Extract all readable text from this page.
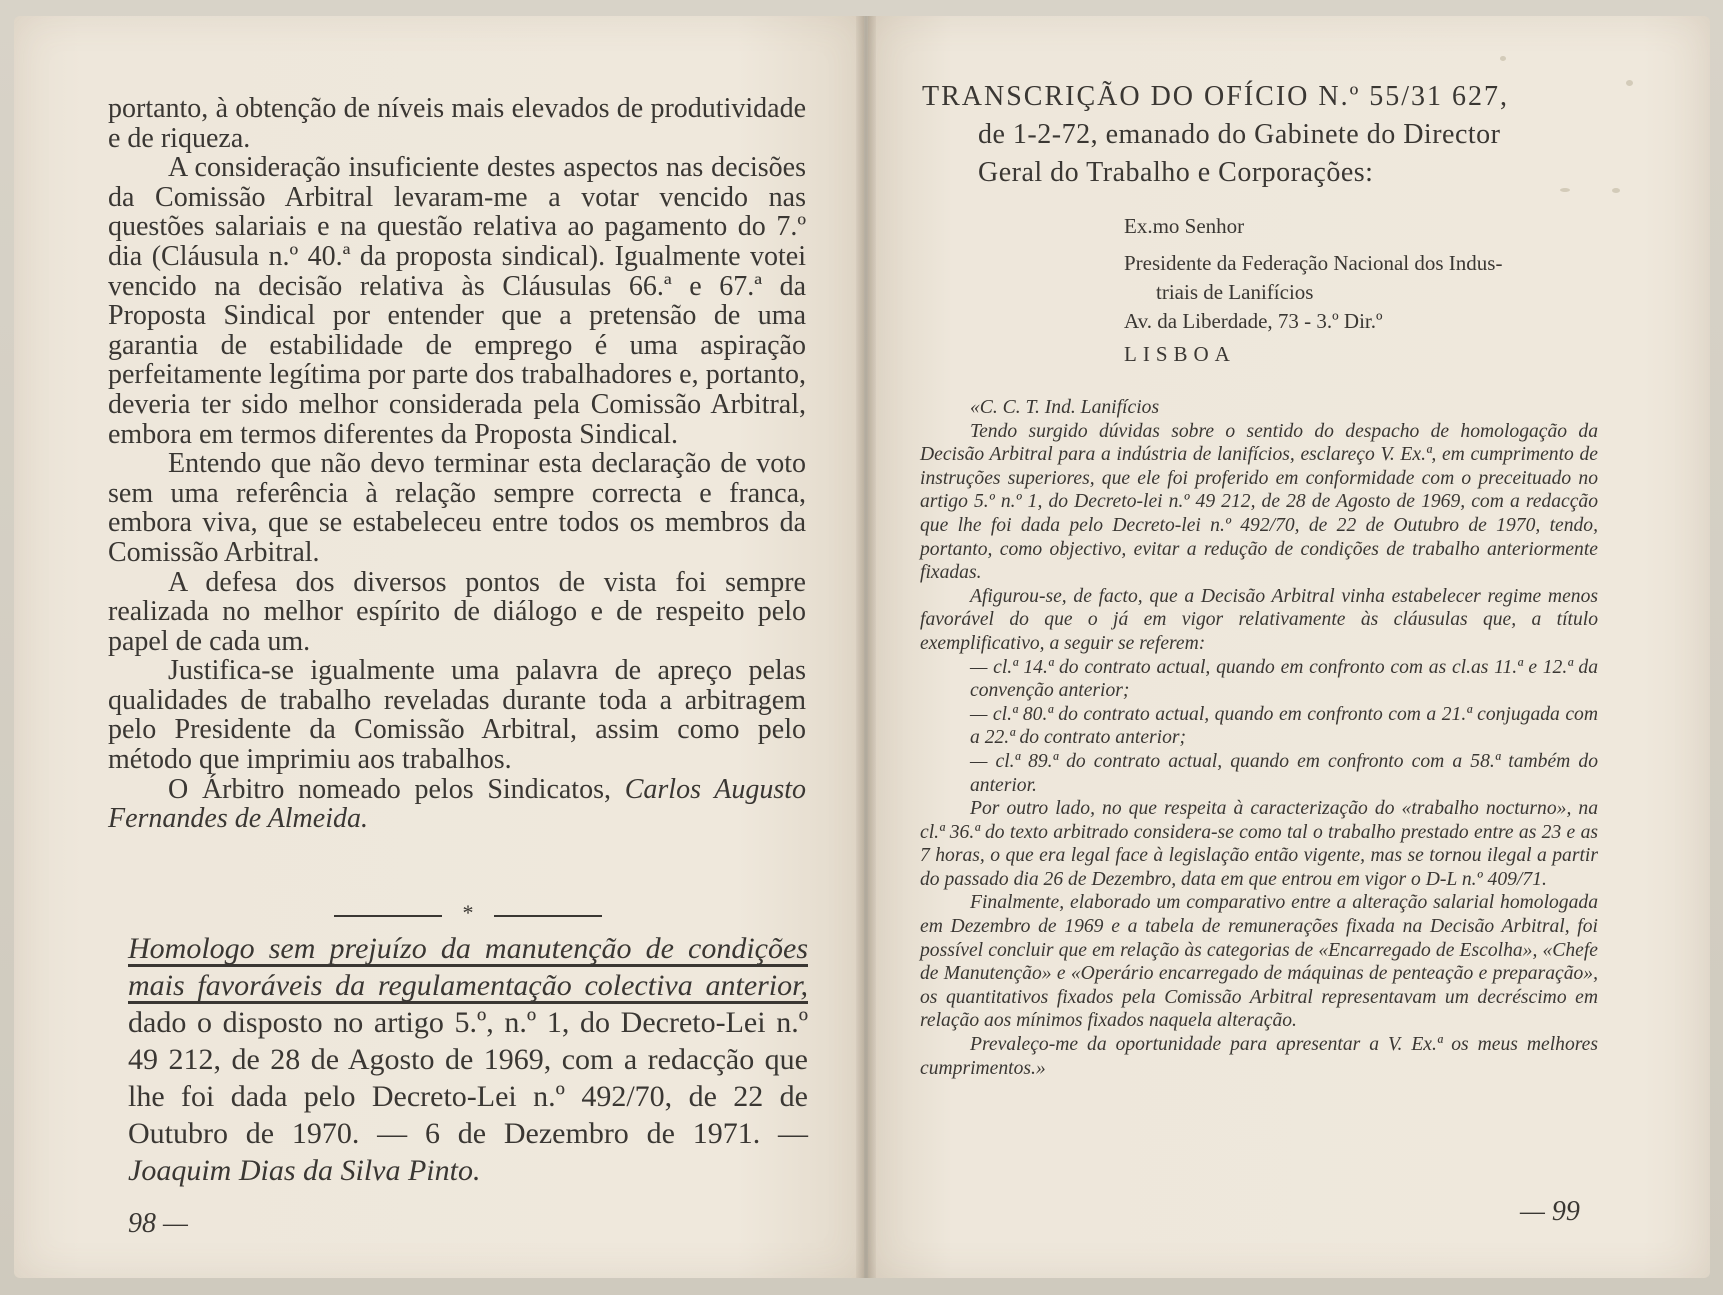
portanto, à obtenção de níveis mais elevados de produtividade e de riqueza.

A consideração insuficiente destes aspectos nas decisões da Comissão Arbitral levaram-me a votar vencido nas questões salariais e na questão relativa ao pagamento do 7.º dia (Cláusula n.º 40.ª da proposta sindical). Igualmente votei vencido na decisão relativa às Cláusulas 66.ª e 67.ª da Proposta Sindical por entender que a pretensão de uma garantia de estabilidade de emprego é uma aspiração perfeitamente legítima por parte dos trabalhadores e, portanto, deveria ter sido melhor considerada pela Comissão Arbitral, embora em termos diferentes da Proposta Sindical.

Entendo que não devo terminar esta declaração de voto sem uma referência à relação sempre correcta e franca, embora viva, que se estabeleceu entre todos os membros da Comissão Arbitral.

A defesa dos diversos pontos de vista foi sempre realizada no melhor espírito de diálogo e de respeito pelo papel de cada um.

Justifica-se igualmente uma palavra de apreço pelas qualidades de trabalho reveladas durante toda a arbitragem pelo Presidente da Comissão Arbitral, assim como pelo método que imprimiu aos trabalhos.

O Árbitro nomeado pelos Sindicatos, Carlos Augusto Fernandes de Almeida.

*
Homologo sem prejuízo da manutenção de condições mais favoráveis da regulamentação colectiva anterior, dado o disposto no artigo 5.º, n.º 1, do Decreto-Lei n.º 49 212, de 28 de Agosto de 1969, com a redacção que lhe foi dada pelo Decreto-Lei n.º 492/70, de 22 de Outubro de 1970. — 6 de Dezembro de 1971. — Joaquim Dias da Silva Pinto.
98 —
TRANSCRIÇÃO DO OFÍCIO N.º 55/31 627,
de 1-2-72, emanado do Gabinete do Director
Geral do Trabalho e Corporações:
Ex.mo Senhor
Presidente da Federação Nacional dos Indus-
triais de Lanifícios
Av. da Liberdade, 73 - 3.º Dir.º
LISBOA

«C. C. T. Ind. Lanifícios

Tendo surgido dúvidas sobre o sentido do despacho de homologação da Decisão Arbitral para a indústria de lanifícios, esclareço V. Ex.ª, em cumprimento de instruções superiores, que ele foi proferido em conformidade com o preceituado no artigo 5.º n.º 1, do Decreto-lei n.º 49 212, de 28 de Agosto de 1969, com a redacção que lhe foi dada pelo Decreto-lei n.º 492/70, de 22 de Outubro de 1970, tendo, portanto, como objectivo, evitar a redução de condições de trabalho anteriormente fixadas.

Afigurou-se, de facto, que a Decisão Arbitral vinha estabelecer regime menos favorável do que o já em vigor relativamente às cláusulas que, a título exemplificativo, a seguir se referem:

— cl.ª 14.ª do contrato actual, quando em confronto com as cl.as 11.ª e 12.ª da convenção anterior;

— cl.ª 80.ª do contrato actual, quando em confronto com a 21.ª conjugada com a 22.ª do contrato anterior;

— cl.ª 89.ª do contrato actual, quando em confronto com a 58.ª também do anterior.

Por outro lado, no que respeita à caracterização do «trabalho nocturno», na cl.ª 36.ª do texto arbitrado considera-se como tal o trabalho prestado entre as 23 e as 7 horas, o que era legal face à legislação então vigente, mas se tornou ilegal a partir do passado dia 26 de Dezembro, data em que entrou em vigor o D-L n.º 409/71.

Finalmente, elaborado um comparativo entre a alteração salarial homologada em Dezembro de 1969 e a tabela de remunerações fixada na Decisão Arbitral, foi possível concluir que em relação às categorias de «Encarregado de Escolha», «Chefe de Manutenção» e «Operário encarregado de máquinas de penteação e preparação», os quantitativos fixados pela Comissão Arbitral representavam um decréscimo em relação aos mínimos fixados naquela alteração.

Prevaleço-me da oportunidade para apresentar a V. Ex.ª os meus melhores cumprimentos.»

— 99
